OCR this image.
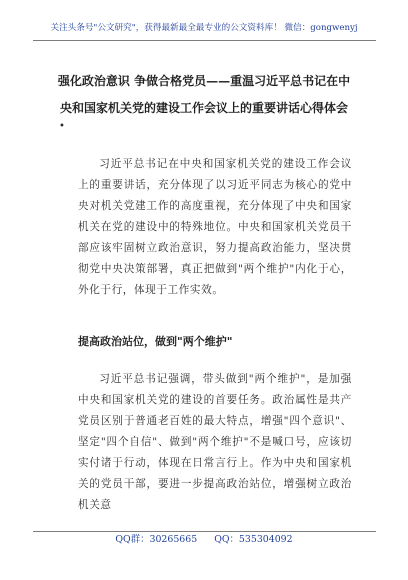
关注头条号"公文研究"，获得最新最全最专业的公文资料库！ 微信：gongwenyj
强化政治意识 争做合格党员——重温习近平总书记在中央和国家机关党的建设工作会议上的重要讲话心得体会
•
习近平总书记在中央和国家机关党的建设工作会议上的重要讲话，充分体现了以习近平同志为核心的党中央对机关党建工作的高度重视，充分体现了中央和国家机关在党的建设中的特殊地位。中央和国家机关党员干部应该牢固树立政治意识，努力提高政治能力，坚决贯彻党中央决策部署，真正把做到"两个维护"内化于心，外化于行，体现于工作实效。
提高政治站位，做到"两个维护"
习近平总书记强调，带头做到"两个维护"，是加强中央和国家机关党的建设的首要任务。政治属性是共产党员区别于普通老百姓的最大特点，增强"四个意识"、坚定"四个自信"、做到"两个维护"不是喊口号，应该切实付诸于行动，体现在日常言行上。作为中央和国家机关的党员干部，要进一步提高政治站位，增强树立政治机关意
QQ群：30265665 QQ：535304092
